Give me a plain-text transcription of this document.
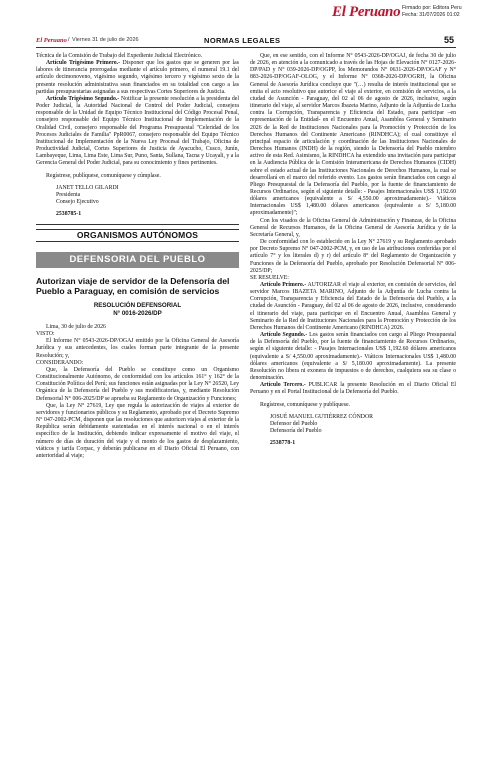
El Peruano Firmado por: Editora Peru
Fecha: 31/07/2026 01:02
El Peruano / Viernes 31 de julio de 2026	NORMAS LEGALES	55

Técnica de la Comisión de Trabajo del Expediente Judicial Electrónico.

Artículo Trigésimo Primero.- Disponer que los gastos que se generen por las labores de itinerancia prorrogadas mediante el artículo primero, el numeral 19.1 del artículo decimonoveno, vigésimo segundo, vigésimo tercero y vigésimo sexto de la presente resolución administrativa sean financiados en su totalidad con cargo a las partidas presupuestarias asignadas a sus respectivas Cortes Superiores de Justicia.

Artículo Trigésimo Segundo.- Notificar la presente resolución a la presidenta del Poder Judicial, la Autoridad Nacional de Control del Poder Judicial, consejera responsable de la Unidad de Equipo Técnico Institucional del Código Procesal Penal, consejero responsable del Equipo Técnico Institucional de Implementación de la Oralidad Civil, consejero responsable del Programa Presupuestal "Celeridad de los Procesos Judiciales de Familia" PpR0067, consejero responsable del Equipo Técnico Institucional de Implementación de la Nueva Ley Procesal del Trabajo, Oficina de Productividad Judicial, Cortes Superiores de Justicia de Ayacucho, Cusco, Junín, Lambayeque, Lima, Lima Este, Lima Sur, Puno, Santa, Sullana, Tacna y Ucayali, y a la Gerencia General del Poder Judicial, para su conocimiento y fines pertinentes.

Regístrese, publíquese, comuníquese y cúmplase.

JANET TELLO GILARDI

Presidenta

Consejo Ejecutivo

2538785-1

ORGANISMOS AUTÓNOMOS
DEFENSORIA DEL PUEBLO
Autorizan viaje de servidor de la Defensoría del Pueblo a Paraguay, en comisión de servicios
RESOLUCIÓN DEFENSORIAL
N° 0016-2026/DP

Lima, 30 de julio de 2026

VISTO:

El Informe N° 0543-2026-DP/OGAJ emitido por la Oficina General de Asesoría Jurídica y sus antecedentes, los cuales forman parte integrante de la presente Resolución; y,

CONSIDERANDO:

Que, la Defensoría del Pueblo se constituye como un Organismo Constitucionalmente Autónomo, de conformidad con los artículos 161° y 162° de la Constitución Política del Perú; sus funciones están asignadas por la Ley N° 26520, Ley Orgánica de la Defensoría del Pueblo y sus modificatorias, y, mediante Resolución Defensorial N° 006-2025/DP se aprueba su Reglamento de Organización y Funciones;

Que, la Ley N° 27619, Ley que regula la autorización de viajes al exterior de servidores y funcionarios públicos y su Reglamento, aprobado por el Decreto Supremo N° 047-2002-PCM, disponen que las resoluciones que autoricen viajes al exterior de la República serán debidamente sustentadas en el interés nacional o en el interés específico de la Institución, debiendo indicar expresamente el motivo del viaje, el número de días de duración del viaje y el monto de los gastos de desplazamiento, viáticos y tarifa Corpac, y deberán publicarse en el Diario Oficial El Peruano, con anterioridad al viaje;

Que, en ese sentido, con el Informe N° 0543-2026-DP/OGAJ, de fecha 30 de julio de 2026, en atención a la comunicado a través de las Hojas de Elevación N° 0127-2026-DP/PAD y N° 039-2026-DP/OGPP, los Memorandos N° 0631-2026-DP/OGAF y N° 883-2026-DP/OGAF-OLOG, y el Informe N° 0368-2026-DP/OGRH, la Oficina General de Asesoría Jurídica concluye que "(…) resulta de interés institucional que se emita el acto resolutivo que autorice el viaje al exterior, en comisión de servicios, a la ciudad de Asunción - Paraguay, del 02 al 06 de agosto de 2026, inclusive, según itinerario del viaje, al servidor Marcos Ibazeta Marino, Adjunto de la Adjuntía de Lucha contra la Corrupción, Transparencia y Eficiencia del Estado, para participar –en representación de la Entidad- en el Encuentro Anual, Asamblea General y Seminario 2026 de la Red de Instituciones Nacionales para la Promoción y Protección de los Derechos Humanos del Continente Americano (RINDHCA); el cual constituye el principal espacio de articulación y coordinación de las Instituciones Nacionales de Derechos Humanos (INDH) de la región, siendo la Defensoría del Pueblo miembro activo de esta Red. Asimismo, la RINDHCA ha extendido una invitación para participar en la Audiencia Pública de la Comisión Interamericana de Derechos Humanos (CIDH) sobre el estado actual de las Instituciones Nacionales de Derechos Humanos, la cual se desarrollará en el marco del referido evento. Los gastos serán financiados con cargo al Pliego Presupuestal de la Defensoría del Pueblo, por la fuente de financiamiento de Recursos Ordinarios, según el siguiente detalle: - Pasajes Internacionales US$ 1,192.60 dólares americanos (equivalente a S/ 4,550.00 aproximadamente).- Viáticos Internacionales US$ 1,480.00 dólares americanos (equivalente a S/ 5,180.00 aproximadamente)";

Con los visados de la Oficina General de Administración y Finanzas, de la Oficina General de Recursos Humanos, de la Oficina General de Asesoría Jurídica y de la Secretaría General, y,

De conformidad con lo establecido en la Ley N° 27619 y su Reglamento aprobado por Decreto Supremo N° 047-2002-PCM, y, en uso de las atribuciones conferidas por el artículo 7° y los literales d) y r) del artículo 8° del Reglamento de Organización y Funciones de la Defensoría del Pueblo, aprobado por Resolución Defensorial N° 006-2025/DP;

SE RESUELVE:

Artículo Primero.- AUTORIZAR el viaje al exterior, en comisión de servicios, del servidor Marcos IBAZETA MARINO, Adjunto de la Adjuntía de Lucha contra la Corrupción, Transparencia y Eficiencia del Estado de la Defensoría del Pueblo, a la ciudad de Asunción - Paraguay, del 02 al 06 de agosto de 2026, inclusive, considerando el itinerario del viaje, para participar en el Encuentro Anual, Asamblea General y Seminario de la Red de Instituciones Nacionales para la Promoción y Protección de los Derechos Humanos del Continente Americano (RINDHCA) 2026.

Artículo Segundo.- Los gastos serán financiados con cargo al Pliego Presupuestal de la Defensoría del Pueblo, por la fuente de financiamiento de Recursos Ordinarios, según el siguiente detalle: - Pasajes Internacionales US$ 1,192.60 dólares americanos (equivalente a S/ 4,550.00 aproximadamente).- Viáticos Internacionales US$ 1,480.00 dólares americanos (equivalente a S/ 5,180.00 aproximadamente). La presente Resolución no libera ni exonera de impuestos o de derechos, cualquiera sea su clase o denominación.

Artículo Tercero.- PUBLICAR la presente Resolución en el Diario Oficial El Peruano y en el Portal Institucional de la Defensoría del Pueblo.

Regístrese, comuníquese y publíquese.

JOSUÉ MANUEL GUTIÉRREZ CÓNDOR

Defensor del Pueblo

Defensoría del Pueblo

2538778-1
